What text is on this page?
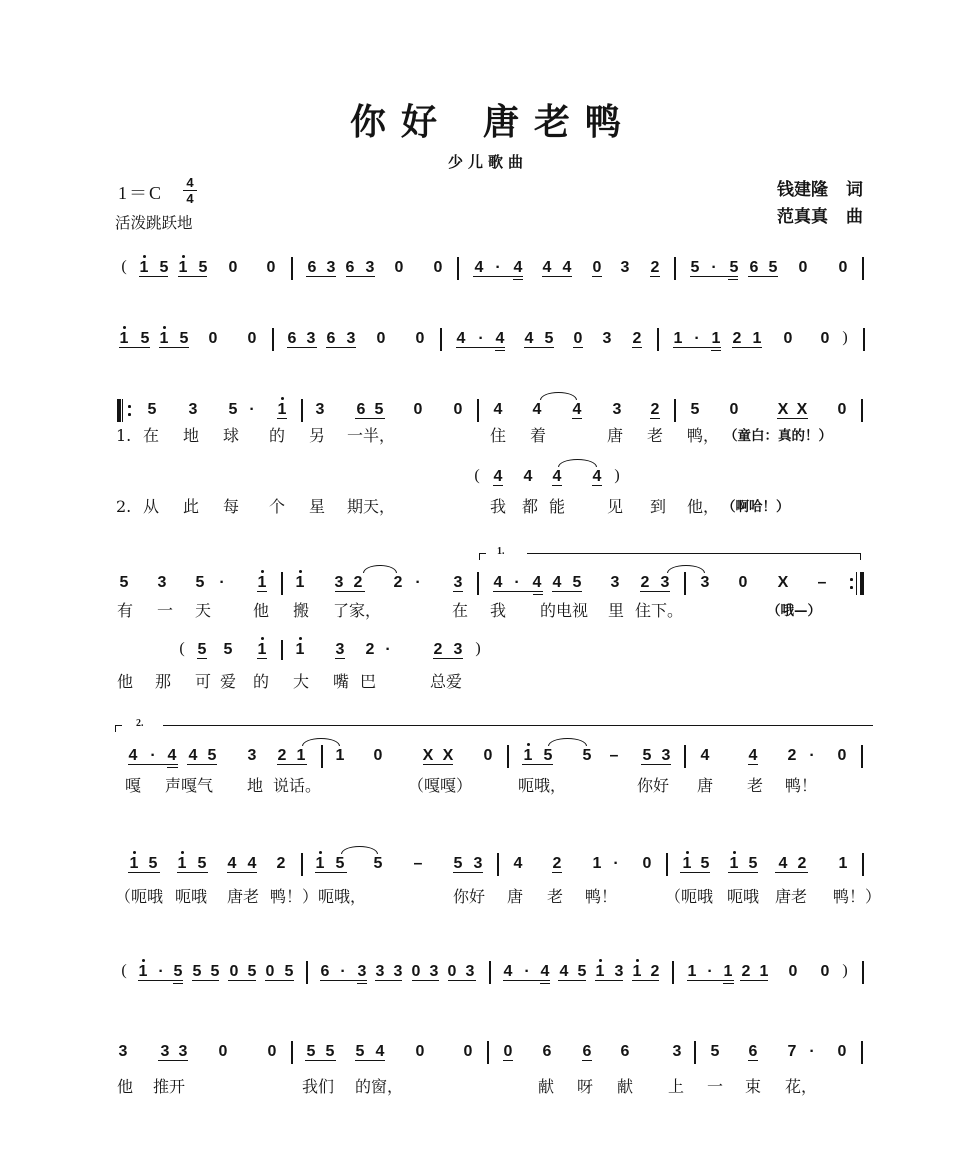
你好 唐老鸭
少儿歌曲
1＝C
4
4
活泼跳跃地
钱建隆 词
范真真 曲
( 1 5 1 5 0 0 6 3 6 3 0 0 4 · 4 4 4 0 3 2 5 · 5 6 5 0 0
1 5 1 5 0 0 6 3 6 3 0 0 4 · 4 4 5 0 3 2 1 · 1 2 1 0 0 )
5 3 5 · 1 3 6 5 0 0 4 4 4 3 2 5 0 X X 0
( 4 4 4 4 )
5 3 5 · 1 1 3 2 2 · 3 4 · 4 4 5 3 2 3 3 0 X –
( 5 5 1 1 3 2 ·	2 3 )
4 · 4 4 5 3 2 1 1 0	X X 0 1 5 5 – 5 3 4 4 2 · 0
1 5 1 5 4 4 2 1 5 5 – 5 3 4 2 1 · 0 1 5 1 5 4 2 1
( 1 · 5 5 5 0 5 0 5 6 · 3 3 3 0 3 0 3 4 · 4 4 5 1 3 1 2 1 · 1 2 1 0 0 )
3 3 3 0	0 5 5 5 4 0 0 0 6 6 6	3 5 6 7 · 0
1.
2.
1. 在 地 球 的 另 一半，	住 着	唐 老 鸭， （童白：真的！）
2. 从 此 每 个 星 期天，	我 都 能	见 到 他， （啊哈！）
有 一 天	他 搬 了家，	在 我 的电视 里 住下。	（哦—）
他 那 可 爱 的 大 嘴 巴	总爱
嘎 声嘎气 地 说话。	（嘎嘎）	呃哦，	你好 唐 老 鸭！
（呃哦 呃哦 唐老 鸭！）呃哦，	你好 唐 老 鸭！	（呃哦 呃哦 唐老 鸭！）
他 推开	我们 的窗，	献 呀 献 上 一 束 花，
